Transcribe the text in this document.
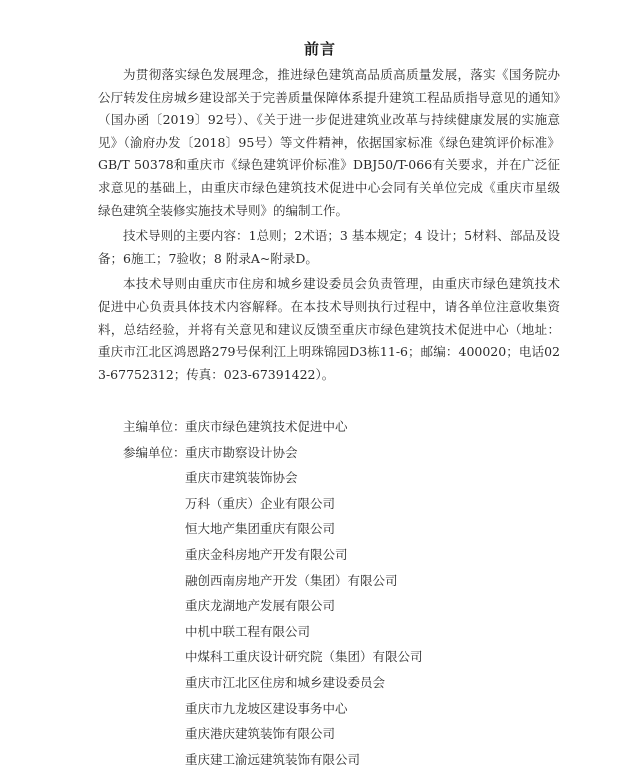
前言

为贯彻落实绿色发展理念，推进绿色建筑高品质高质量发展，落实《国务院办公厅转发住房城乡建设部关于完善质量保障体系提升建筑工程品质指导意见的通知》（国办函〔2019〕92号）、《关于进一步促进建筑业改革与持续健康发展的实施意见》（渝府办发〔2018〕95号）等文件精神，依据国家标准《绿色建筑评价标准》GB/T 50378和重庆市《绿色建筑评价标准》DBJ50/T-066有关要求，并在广泛征求意见的基础上，由重庆市绿色建筑技术促进中心会同有关单位完成《重庆市星级绿色建筑全装修实施技术导则》的编制工作。

技术导则的主要内容：1总则；2术语；3 基本规定；4 设计；5材料、部品及设备；6施工；7验收；8 附录A~附录D。

本技术导则由重庆市住房和城乡建设委员会负责管理，由重庆市绿色建筑技术促进中心负责具体技术内容解释。在本技术导则执行过程中，请各单位注意收集资料，总结经验，并将有关意见和建议反馈至重庆市绿色建筑技术促进中心（地址：重庆市江北区鸿恩路279号保利江上明珠锦园D3栋11-6；邮编：400020；电话023-67752312；传真：023-67391422）。

主编单位：重庆市绿色建筑技术促进中心
参编单位：重庆市勘察设计协会
重庆市建筑装饰协会
万科（重庆）企业有限公司
恒大地产集团重庆有限公司
重庆金科房地产开发有限公司
融创西南房地产开发（集团）有限公司
重庆龙湖地产发展有限公司
中机中联工程有限公司
中煤科工重庆设计研究院（集团）有限公司
重庆市江北区住房和城乡建设委员会
重庆市九龙坡区建设事务中心
重庆港庆建筑装饰有限公司
重庆建工渝远建筑装饰有限公司
